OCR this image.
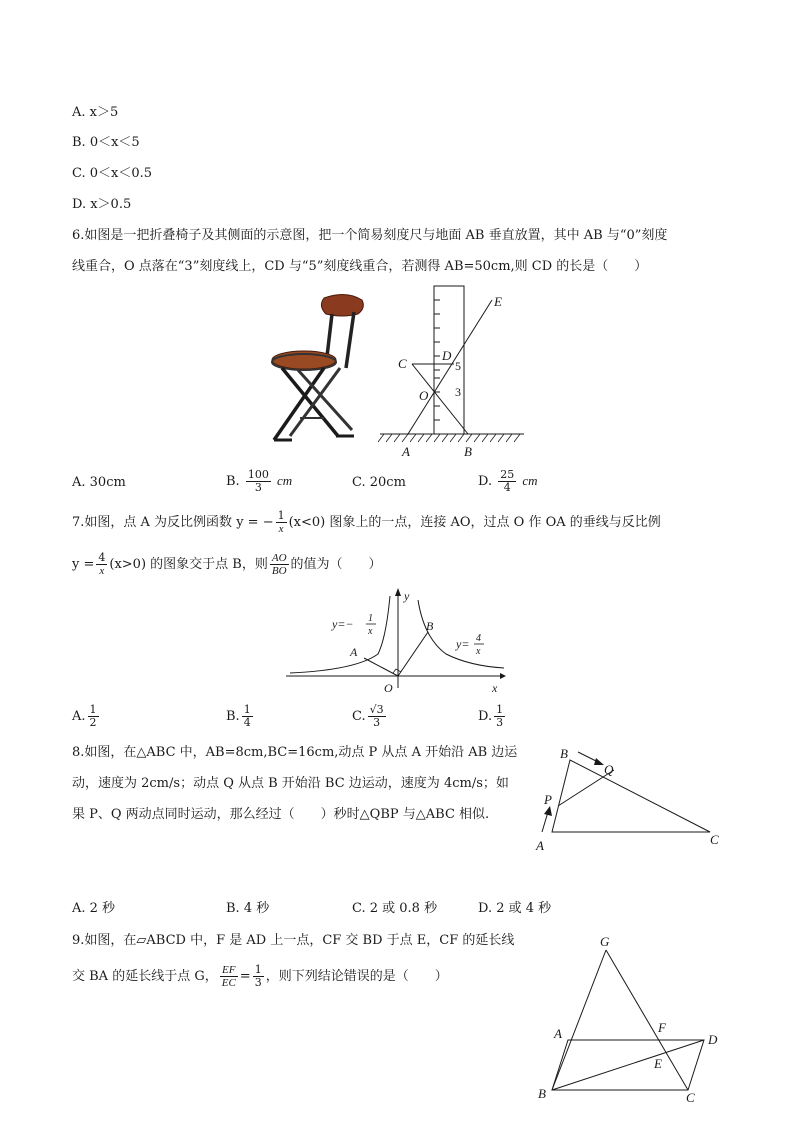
A. x＞5
B. 0＜x＜5
C. 0＜x＜0.5
D. x＞0.5
6.如图是一把折叠椅子及其侧面的示意图，把一个简易刻度尺与地面 AB 垂直放置，其中 AB 与“0”刻度
线重合，O 点落在“3”刻度线上，CD 与“5”刻度线重合，若测得 AB=50cm,则 CD 的长是（　　）
E
D
C
O
A	B
5
3
A. 30cm	B. $\frac{100}{3}$ cm	C. 20cm	D. $\frac{25}{4}$ cm
7.如图，点 A 为反比例函数 y = − $\frac{1}{x} (x<0)$ 图象上的一点，连接 AO，过点 O 作 OA 的垂线与反比例
$y = \frac{4}{x} (x>0)$ 的图象交于点 B，则 $\frac{AO}{BO}$ 的值为（　　）
y
x
O
A
B
y=− 1
x
y= 4
x
A. $\frac{1}{2}$	B. $\frac{1}{4}$	C. $\frac{√3}{3}$	D. $\frac{1}{3}$
8.如图，在△ABC 中，AB=8cm,BC=16cm,动点 P 从点 A 开始沿 AB 边运
动，速度为 2cm/s；动点 Q 从点 B 开始沿 BC 边运动，速度为 4cm/s；如
果 P、Q 两动点同时运动，那么经过（　　）秒时△QBP 与△ABC 相似.
B
Q
P
A	C
A. 2 秒	B. 4 秒	C. 2 或 0.8 秒	D. 2 或 4 秒
9.如图，在▱ABCD 中，F 是 AD 上一点，CF 交 BD 于点 E，CF 的延长线
交 BA 的延长线于点 G， $\frac{EF}{EC} = \frac{1}{3}$ ，则下列结论错误的是（　　）
G
A	F
D
E
B	C
